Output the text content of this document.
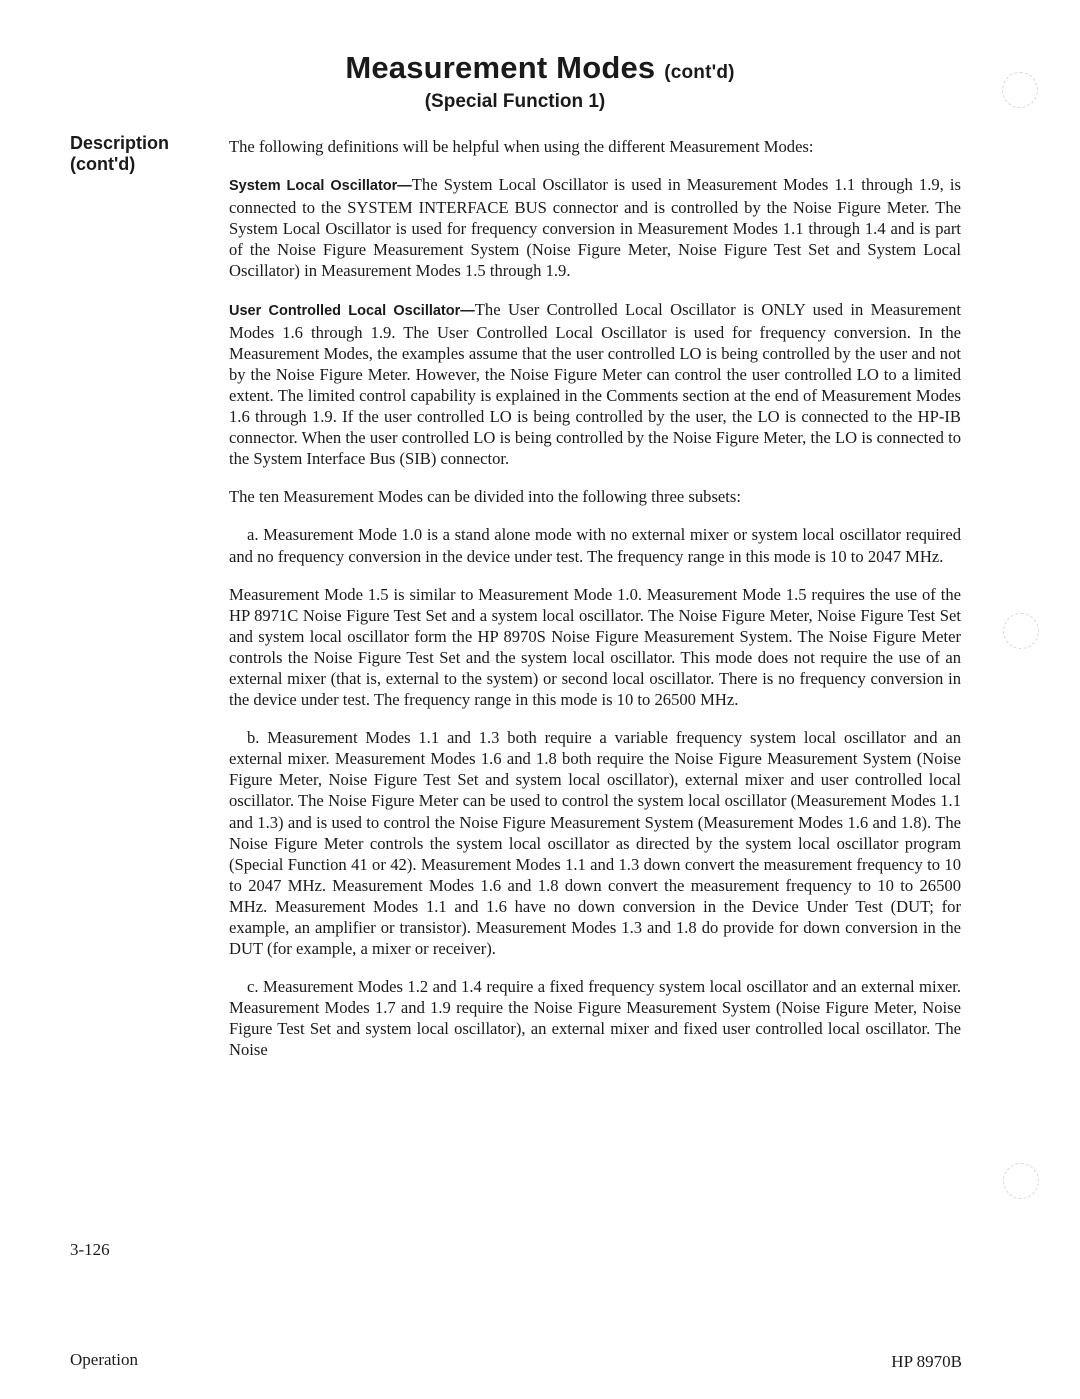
Measurement Modes (cont'd)
(Special Function 1)
Description
(cont'd)

The following definitions will be helpful when using the different Measurement Modes:

System Local Oscillator—The System Local Oscillator is used in Measurement Modes 1.1 through 1.9, is connected to the SYSTEM INTERFACE BUS connector and is controlled by the Noise Figure Meter. The System Local Oscillator is used for frequency conversion in Measurement Modes 1.1 through 1.4 and is part of the Noise Figure Measurement System (Noise Figure Meter, Noise Figure Test Set and System Local Oscillator) in Measurement Modes 1.5 through 1.9.

User Controlled Local Oscillator—The User Controlled Local Oscillator is ONLY used in Measurement Modes 1.6 through 1.9. The User Controlled Local Oscillator is used for frequency conversion. In the Measurement Modes, the examples assume that the user controlled LO is being controlled by the user and not by the Noise Figure Meter. However, the Noise Figure Meter can control the user controlled LO to a limited extent. The limited control capability is explained in the Comments section at the end of Measurement Modes 1.6 through 1.9. If the user controlled LO is being controlled by the user, the LO is connected to the HP-IB connector. When the user controlled LO is being controlled by the Noise Figure Meter, the LO is connected to the System Interface Bus (SIB) connector.

The ten Measurement Modes can be divided into the following three subsets:

a. Measurement Mode 1.0 is a stand alone mode with no external mixer or system local oscillator required and no frequency conversion in the device under test. The frequency range in this mode is 10 to 2047 MHz.

Measurement Mode 1.5 is similar to Measurement Mode 1.0. Measurement Mode 1.5 requires the use of the HP 8971C Noise Figure Test Set and a system local oscillator. The Noise Figure Meter, Noise Figure Test Set and system local oscillator form the HP 8970S Noise Figure Measurement System. The Noise Figure Meter controls the Noise Figure Test Set and the system local oscillator. This mode does not require the use of an external mixer (that is, external to the system) or second local oscillator. There is no frequency conversion in the device under test. The frequency range in this mode is 10 to 26500 MHz.

b. Measurement Modes 1.1 and 1.3 both require a variable frequency system local oscillator and an external mixer. Measurement Modes 1.6 and 1.8 both require the Noise Figure Measurement System (Noise Figure Meter, Noise Figure Test Set and system local oscillator), external mixer and user controlled local oscillator. The Noise Figure Meter can be used to control the system local oscillator (Measurement Modes 1.1 and 1.3) and is used to control the Noise Figure Measurement System (Measurement Modes 1.6 and 1.8). The Noise Figure Meter controls the system local oscillator as directed by the system local oscillator program (Special Function 41 or 42). Measurement Modes 1.1 and 1.3 down convert the measurement frequency to 10 to 2047 MHz. Measurement Modes 1.6 and 1.8 down convert the measurement frequency to 10 to 26500 MHz. Measurement Modes 1.1 and 1.6 have no down conversion in the Device Under Test (DUT; for example, an amplifier or transistor). Measurement Modes 1.3 and 1.8 do provide for down conversion in the DUT (for example, a mixer or receiver).

c. Measurement Modes 1.2 and 1.4 require a fixed frequency system local oscillator and an external mixer. Measurement Modes 1.7 and 1.9 require the Noise Figure Measurement System (Noise Figure Meter, Noise Figure Test Set and system local oscillator), an external mixer and fixed user controlled local oscillator. The Noise

3-126
Operation	HP 8970B
